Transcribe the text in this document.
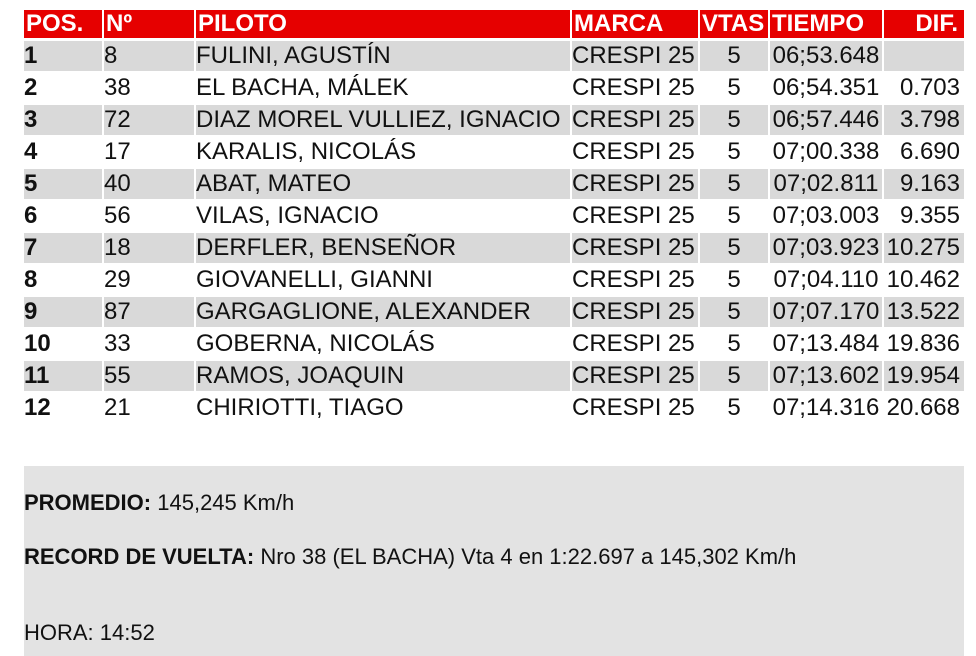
POS. Nº	PILOTO	MARCA	VTAS TIEMPO	DIF.
1	8	FULINI, AGUSTÍN	CRESPI 25	5	06;53.648
2	38	EL BACHA, MÁLEK	CRESPI 25	5	06;54.351 0.703
3	72	DIAZ MOREL VULLIEZ, IGNACIO CRESPI 25	5	06;57.446 3.798
4	17	KARALIS, NICOLÁS	CRESPI 25	5	07;00.338 6.690
5	40	ABAT, MATEO	CRESPI 25	5	07;02.811 9.163
6	56	VILAS, IGNACIO	CRESPI 25	5	07;03.003 9.355
7	18	DERFLER, BENSEÑOR	CRESPI 25	5	07;03.923 10.275
8	29	GIOVANELLI, GIANNI	CRESPI 25	5	07;04.110 10.462
9	87	GARGAGLIONE, ALEXANDER	CRESPI 25	5	07;07.170 13.522
10	33	GOBERNA, NICOLÁS	CRESPI 25	5	07;13.484 19.836
11	55	RAMOS, JOAQUIN	CRESPI 25	5	07;13.602 19.954
12	21	CHIRIOTTI, TIAGO	CRESPI 25	5	07;14.316 20.668
PROMEDIO: 145,245 Km/h
RECORD DE VUELTA: Nro 38 (EL BACHA) Vta 4 en 1:22.697 a 145,302 Km/h
HORA: 14:52
